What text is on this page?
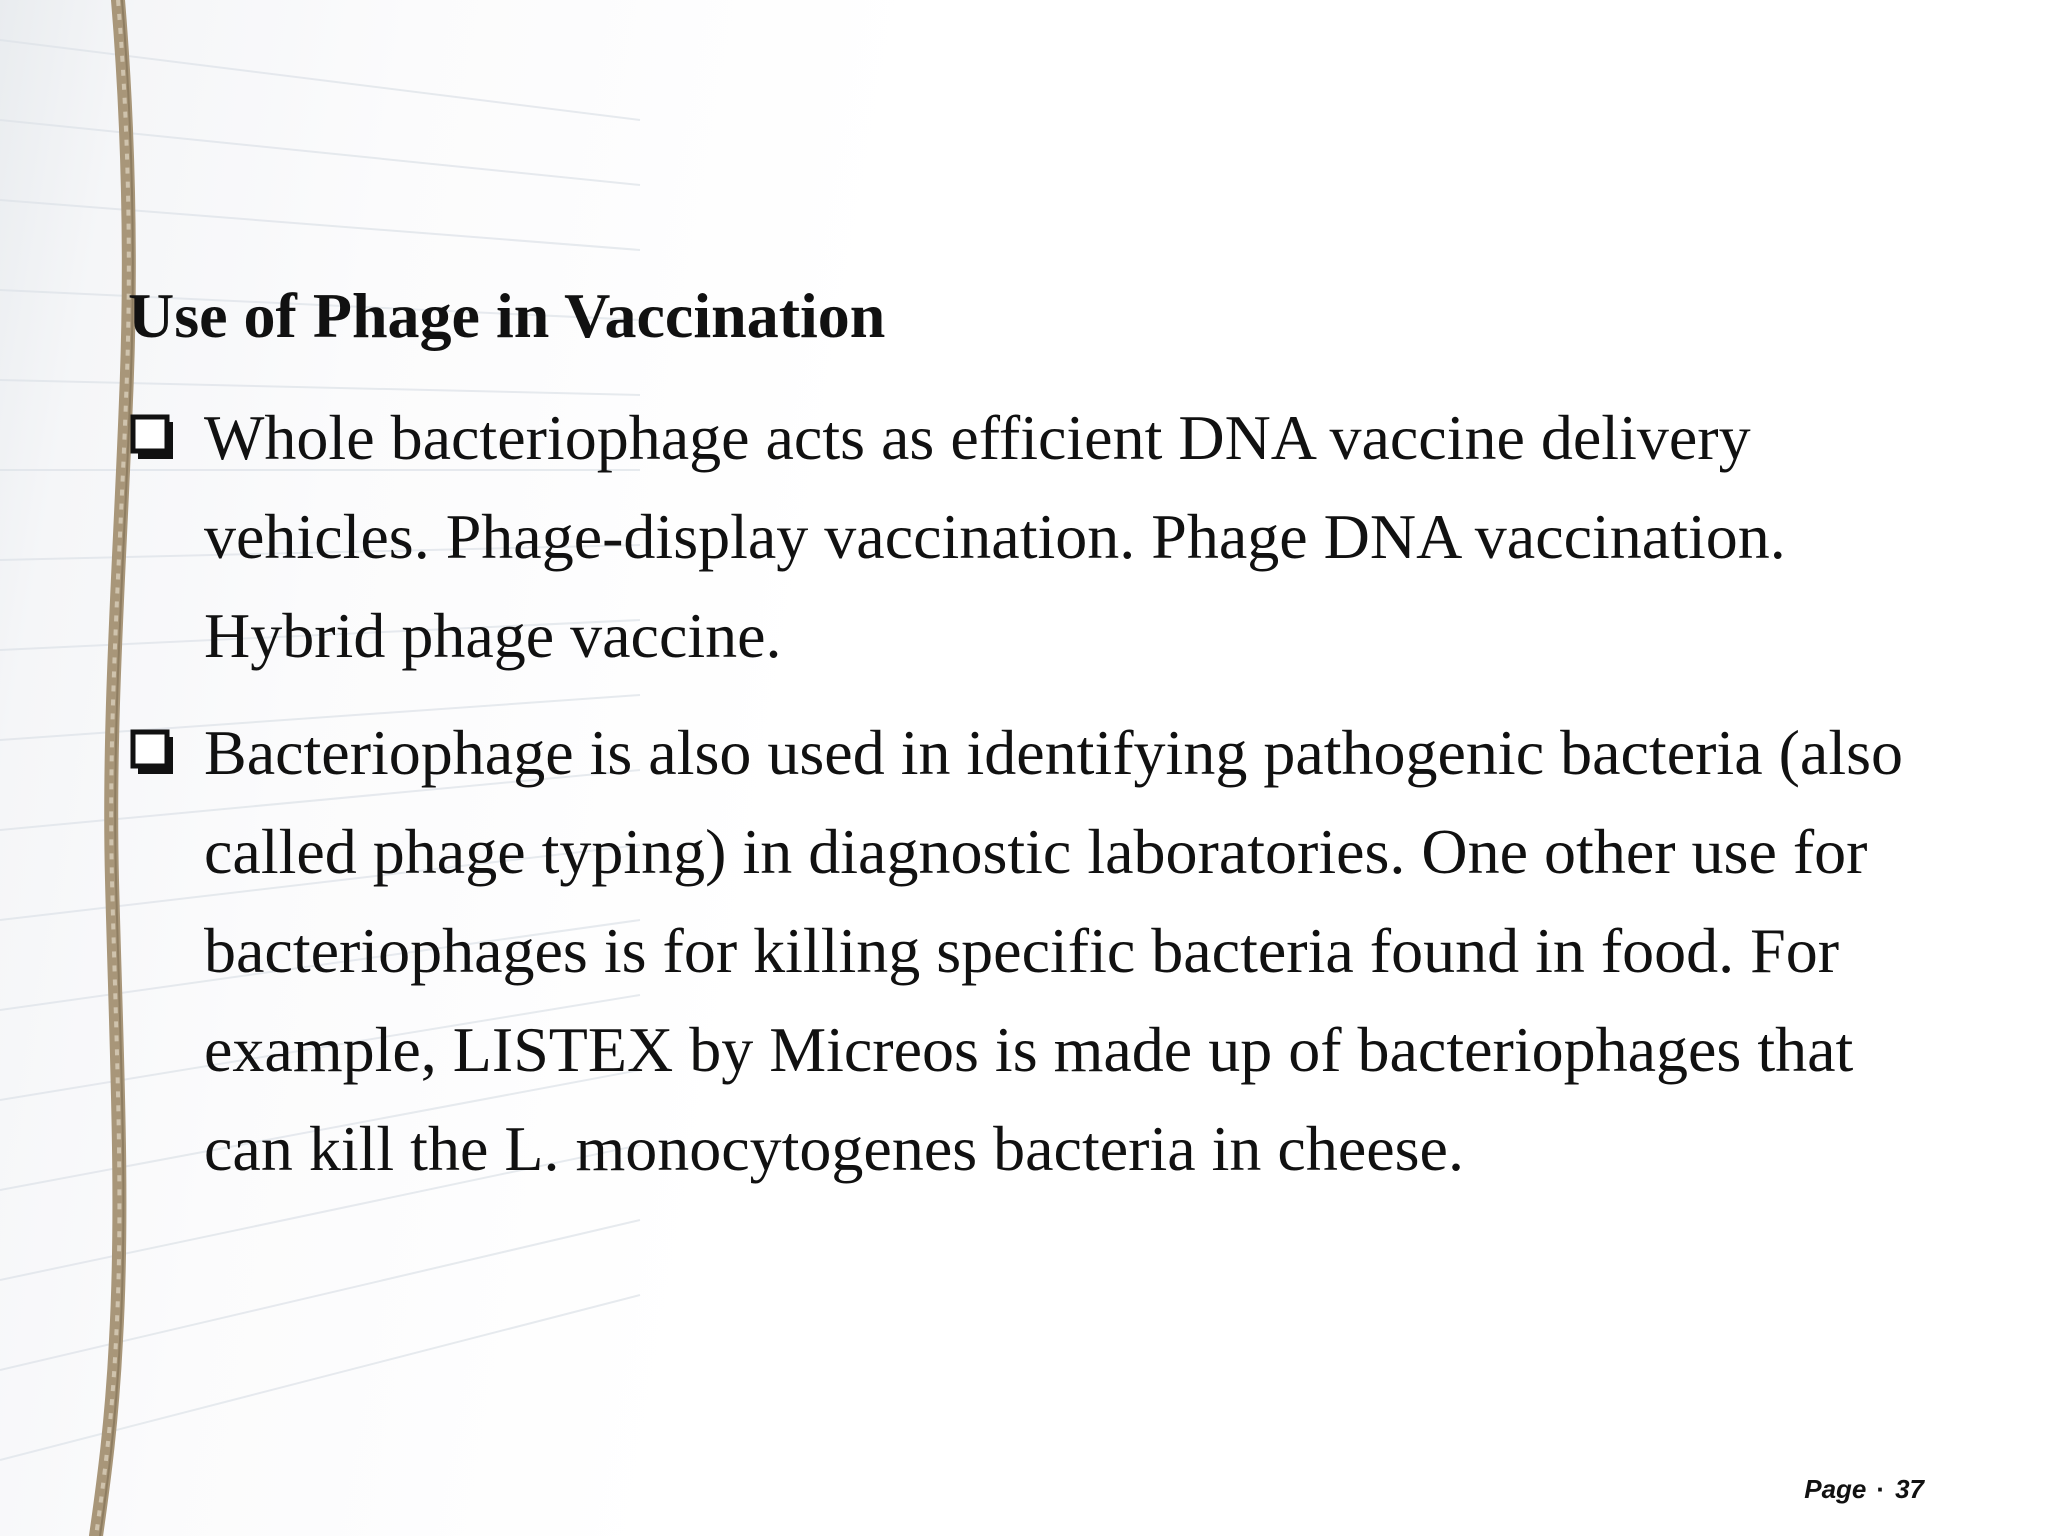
Use of Phage in Vaccination
Whole bacteriophage acts as efficient DNA vaccine delivery vehicles. Phage-display vaccination. Phage DNA vaccination. Hybrid phage vaccine.
Bacteriophage is also used in identifying pathogenic bacteria (also called phage typing) in diagnostic laboratories. One other use for bacteriophages is for killing specific bacteria found in food. For example, LISTEX by Micreos is made up of bacteriophages that can kill the L. monocytogenes bacteria in cheese.
Page · 37
